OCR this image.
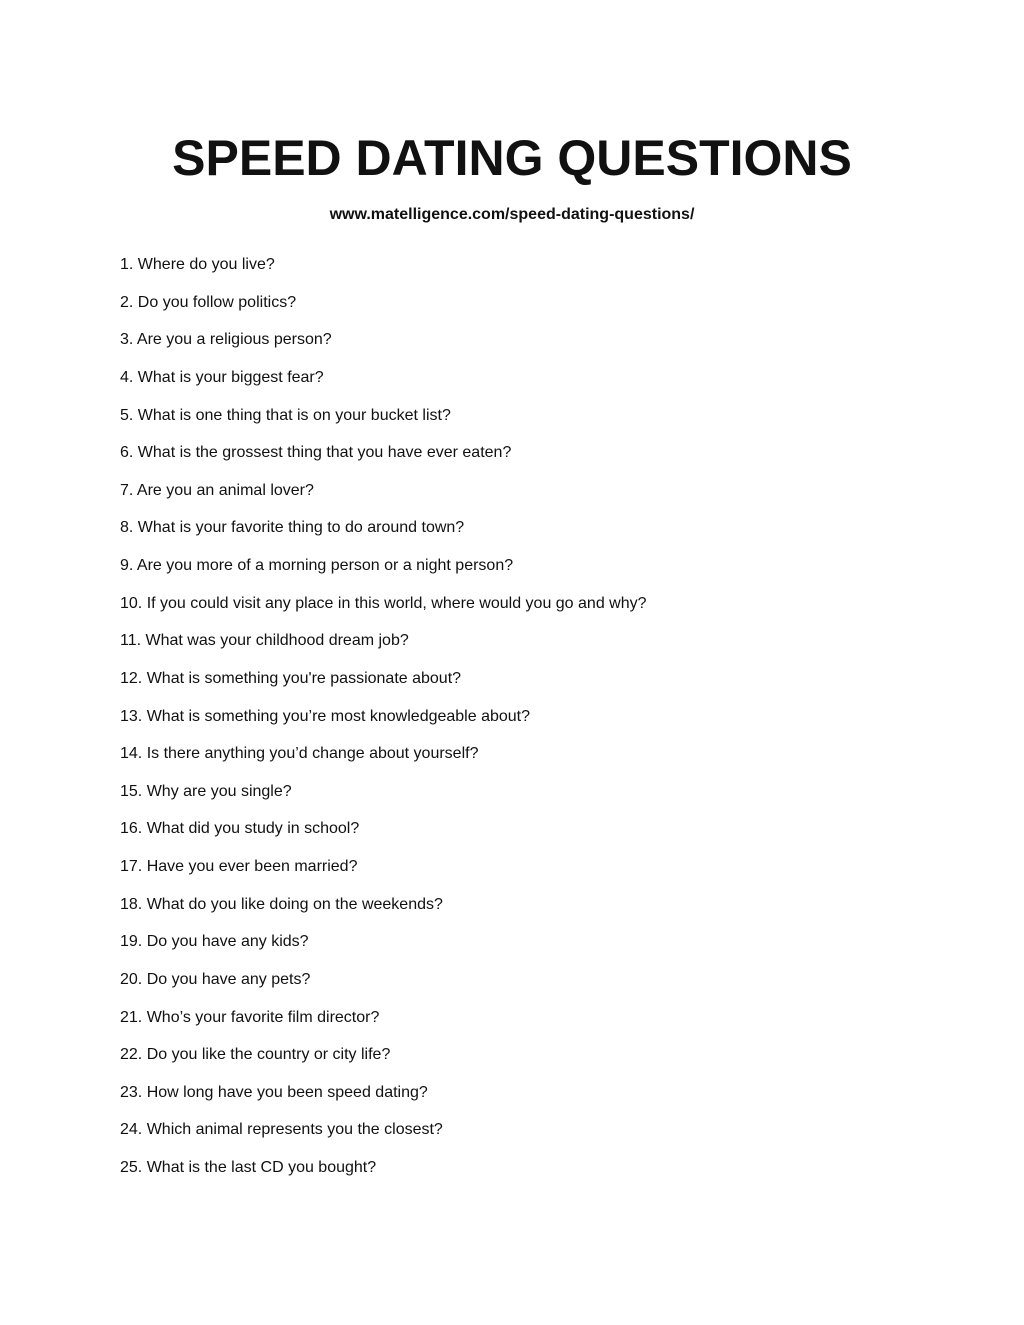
SPEED DATING QUESTIONS
www.matelligence.com/speed-dating-questions/
1. Where do you live?
2. Do you follow politics?
3. Are you a religious person?
4. What is your biggest fear?
5. What is one thing that is on your bucket list?
6. What is the grossest thing that you have ever eaten?
7. Are you an animal lover?
8. What is your favorite thing to do around town?
9. Are you more of a morning person or a night person?
10. If you could visit any place in this world, where would you go and why?
11. What was your childhood dream job?
12. What is something you're passionate about?
13. What is something you’re most knowledgeable about?
14. Is there anything you’d change about yourself?
15. Why are you single?
16. What did you study in school?
17. Have you ever been married?
18. What do you like doing on the weekends?
19. Do you have any kids?
20. Do you have any pets?
21. Who’s your favorite film director?
22. Do you like the country or city life?
23. How long have you been speed dating?
24. Which animal represents you the closest?
25. What is the last CD you bought?
